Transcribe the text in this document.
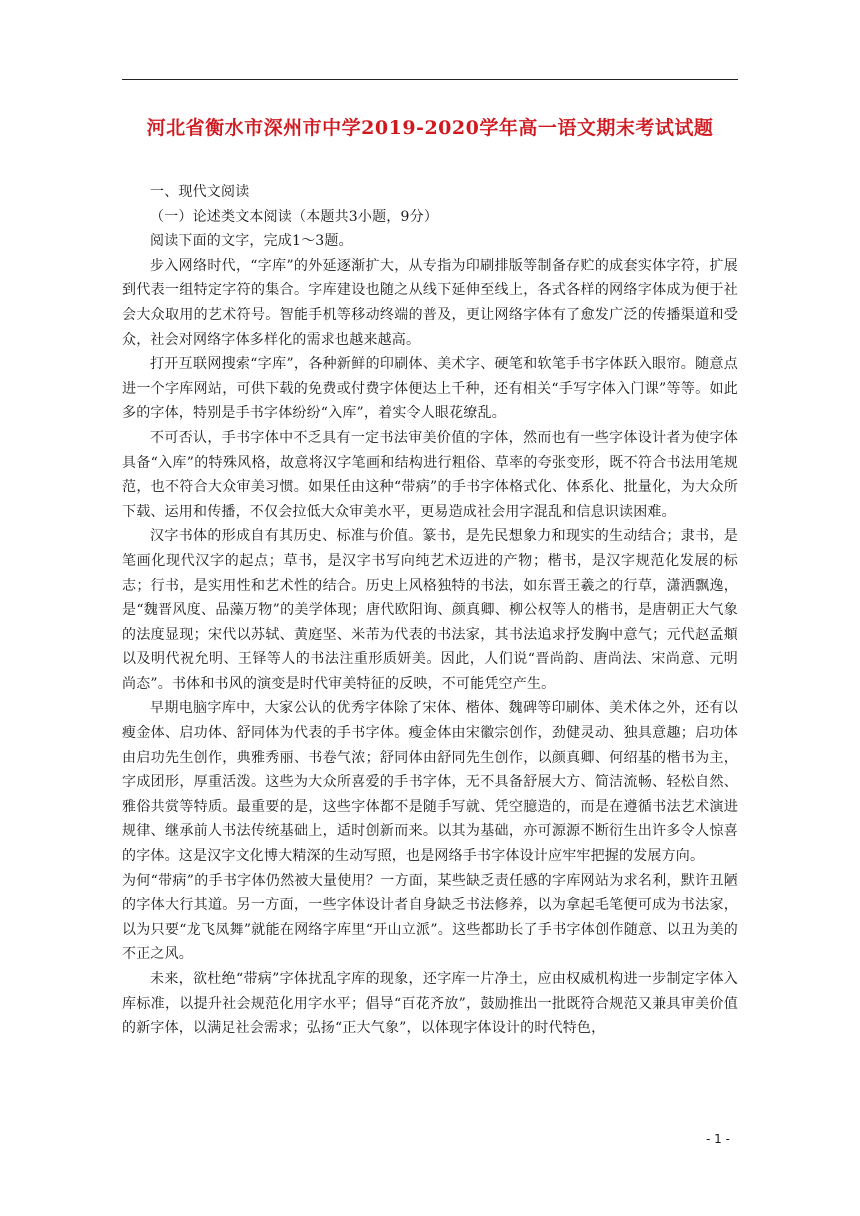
河北省衡水市深州市中学2019-2020学年高一语文期末考试试题
一、现代文阅读
（一）论述类文本阅读（本题共3小题，9分）
阅读下面的文字，完成1～3题。

步入网络时代，“字库”的外延逐渐扩大，从专指为印刷排版等制备存贮的成套实体字符，扩展到代表一组特定字符的集合。字库建设也随之从线下延伸至线上，各式各样的网络字体成为便于社会大众取用的艺术符号。智能手机等移动终端的普及，更让网络字体有了愈发广泛的传播渠道和受众，社会对网络字体多样化的需求也越来越高。

打开互联网搜索“字库”，各种新鲜的印刷体、美术字、硬笔和软笔手书字体跃入眼帘。随意点进一个字库网站，可供下载的免费或付费字体便达上千种，还有相关“手写字体入门课”等等。如此多的字体，特别是手书字体纷纷“入库”，着实令人眼花缭乱。

不可否认，手书字体中不乏具有一定书法审美价值的字体，然而也有一些字体设计者为使字体具备“入库”的特殊风格，故意将汉字笔画和结构进行粗俗、草率的夸张变形，既不符合书法用笔规范，也不符合大众审美习惯。如果任由这种“带病”的手书字体格式化、体系化、批量化，为大众所下载、运用和传播，不仅会拉低大众审美水平，更易造成社会用字混乱和信息识读困难。

汉字书体的形成自有其历史、标准与价值。篆书，是先民想象力和现实的生动结合；隶书，是笔画化现代汉字的起点；草书，是汉字书写向纯艺术迈进的产物；楷书，是汉字规范化发展的标志；行书，是实用性和艺术性的结合。历史上风格独特的书法，如东晋王羲之的行草，潇洒飘逸，是“魏晋风度、品藻万物”的美学体现；唐代欧阳询、颜真卿、柳公权等人的楷书，是唐朝正大气象的法度显现；宋代以苏轼、黄庭坚、米芾为代表的书法家，其书法追求抒发胸中意气；元代赵孟頫以及明代祝允明、王铎等人的书法注重形质妍美。因此，人们说“晋尚韵、唐尚法、宋尚意、元明尚态”。书体和书风的演变是时代审美特征的反映，不可能凭空产生。

早期电脑字库中，大家公认的优秀字体除了宋体、楷体、魏碑等印刷体、美术体之外，还有以瘦金体、启功体、舒同体为代表的手书字体。瘦金体由宋徽宗创作，劲健灵动、独具意趣；启功体由启功先生创作，典雅秀丽、书卷气浓；舒同体由舒同先生创作，以颜真卿、何绍基的楷书为主，字成团形，厚重活泼。这些为大众所喜爱的手书字体，无不具备舒展大方、简洁流畅、轻松自然、雅俗共赏等特质。最重要的是，这些字体都不是随手写就、凭空臆造的，而是在遵循书法艺术演进规律、继承前人书法传统基础上，适时创新而来。以其为基础，亦可源源不断衍生出许多令人惊喜的字体。这是汉字文化博大精深的生动写照，也是网络手书字体设计应牢牢把握的发展方向。

为何“带病”的手书字体仍然被大量使用？一方面，某些缺乏责任感的字库网站为求名利，默许丑陋的字体大行其道。另一方面，一些字体设计者自身缺乏书法修养，以为拿起毛笔便可成为书法家，以为只要“龙飞凤舞”就能在网络字库里“开山立派”。这些都助长了手书字体创作随意、以丑为美的不正之风。

未来，欲杜绝“带病”字体扰乱字库的现象，还字库一片净土，应由权威机构进一步制定字体入库标准，以提升社会规范化用字水平；倡导“百花齐放”，鼓励推出一批既符合规范又兼具审美价值的新字体，以满足社会需求；弘扬“正大气象”，以体现字体设计的时代特色，

- 1 -
